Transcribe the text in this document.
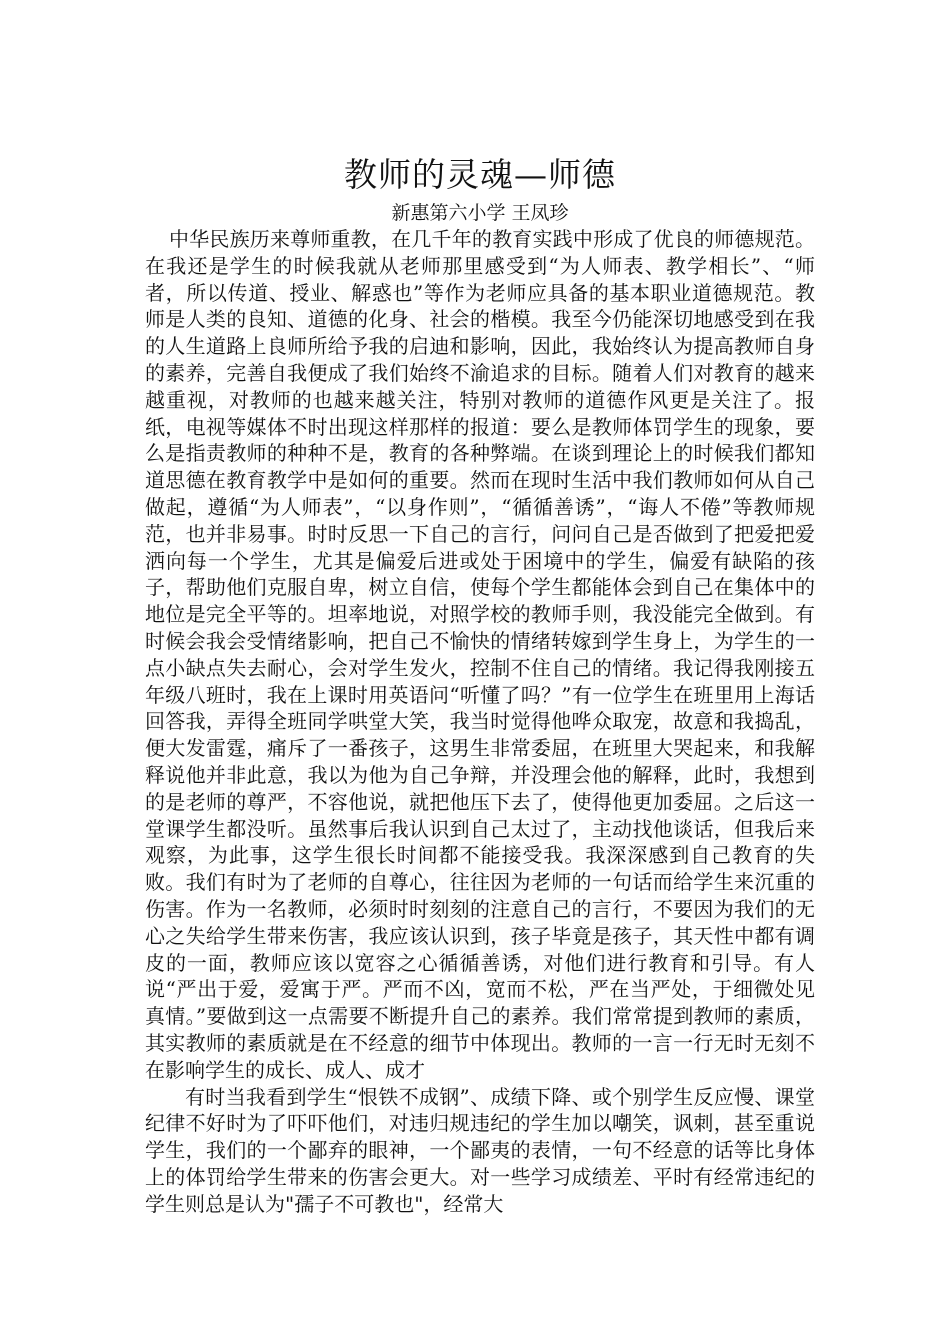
教师的灵魂—师德
新惠第六小学 王凤珍

中华民族历来尊师重教，在几千年的教育实践中形成了优良的师德规范。在我还是学生的时候我就从老师那里感受到“为人师表、教学相长”、“师者，所以传道、授业、解惑也”等作为老师应具备的基本职业道德规范。教师是人类的良知、道德的化身、社会的楷模。我至今仍能深切地感受到在我的人生道路上良师所给予我的启迪和影响，因此，我始终认为提高教师自身的素养，完善自我便成了我们始终不渝追求的目标。随着人们对教育的越来越重视，对教师的也越来越关注，特别对教师的道德作风更是关注了。报纸，电视等媒体不时出现这样那样的报道：要么是教师体罚学生的现象，要么是指责教师的种种不是，教育的各种弊端。在谈到理论上的时候我们都知道思德在教育教学中是如何的重要。然而在现时生活中我们教师如何从自己做起，遵循“为人师表”，“以身作则”，“循循善诱”，“诲人不倦”等教师规范，也并非易事。时时反思一下自己的言行，问问自己是否做到了把爱把爱洒向每一个学生，尤其是偏爱后进或处于困境中的学生，偏爱有缺陷的孩子，帮助他们克服自卑，树立自信，使每个学生都能体会到自己在集体中的地位是完全平等的。坦率地说，对照学校的教师手则，我没能完全做到。有时候会我会受情绪影响，把自己不愉快的情绪转嫁到学生身上，为学生的一点小缺点失去耐心，会对学生发火，控制不住自己的情绪。我记得我刚接五年级八班时，我在上课时用英语问“听懂了吗？”有一位学生在班里用上海话回答我，弄得全班同学哄堂大笑，我当时觉得他哗众取宠，故意和我捣乱，便大发雷霆，痛斥了一番孩子，这男生非常委屈，在班里大哭起来，和我解释说他并非此意，我以为他为自己争辩，并没理会他的解释，此时，我想到的是老师的尊严，不容他说，就把他压下去了，使得他更加委屈。之后这一堂课学生都没听。虽然事后我认识到自己太过了，主动找他谈话，但我后来观察，为此事，这学生很长时间都不能接受我。我深深感到自己教育的失败。我们有时为了老师的自尊心，往往因为老师的一句话而给学生来沉重的伤害。作为一名教师，必须时时刻刻的注意自己的言行，不要因为我们的无心之失给学生带来伤害，我应该认识到，孩子毕竟是孩子，其天性中都有调皮的一面，教师应该以宽容之心循循善诱，对他们进行教育和引导。有人说“严出于爱，爱寓于严。严而不凶，宽而不松，严在当严处，于细微处见真情。”要做到这一点需要不断提升自己的素养。我们常常提到教师的素质，其实教师的素质就是在不经意的细节中体现出。教师的一言一行无时无刻不在影响学生的成长、成人、成才

有时当我看到学生“恨铁不成钢”、成绩下降、或个别学生反应慢、课堂纪律不好时为了吓吓他们，对违归规违纪的学生加以嘲笑，讽刺，甚至重说学生，我们的一个鄙弃的眼神，一个鄙夷的表情，一句不经意的话等比身体上的体罚给学生带来的伤害会更大。对一些学习成绩差、平时有经常违纪的学生则总是认为"孺子不可教也"，经常大
